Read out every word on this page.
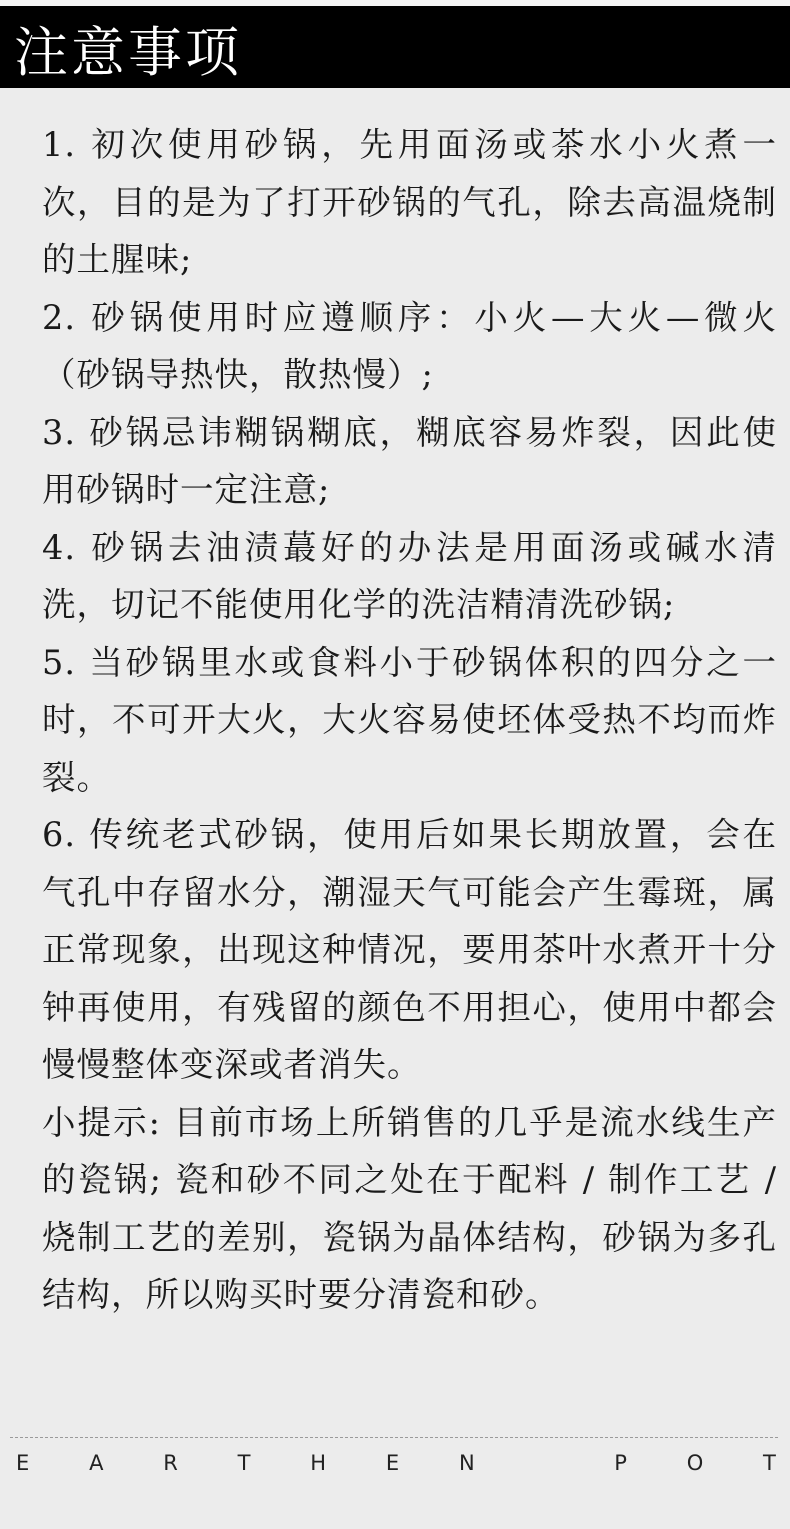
注意事项

1. 初次使用砂锅，先用面汤或茶水小火煮一次，目的是为了打开砂锅的气孔，除去高温烧制的土腥味;

2. 砂锅使用时应遵顺序：小火—大火—微火（砂锅导热快，散热慢）;

3. 砂锅忌讳糊锅糊底，糊底容易炸裂，因此使用砂锅时一定注意;

4. 砂锅去油渍蕞好的办法是用面汤或碱水清洗，切记不能使用化学的洗洁精清洗砂锅;

5. 当砂锅里水或食料小于砂锅体积的四分之一时，不可开大火，大火容易使坯体受热不均而炸裂。

6. 传统老式砂锅，使用后如果长期放置，会在气孔中存留水分，潮湿天气可能会产生霉斑，属正常现象，出现这种情况，要用茶叶水煮开十分钟再使用，有残留的颜色不用担心，使用中都会慢慢整体变深或者消失。

小提示: 目前市场上所销售的几乎是流水线生产的瓷锅; 瓷和砂不同之处在于配料 / 制作工艺 / 烧制工艺的差别，瓷锅为晶体结构，砂锅为多孔结构，所以购买时要分清瓷和砂。

E	A	R	T	H	E	N	P	O	T
